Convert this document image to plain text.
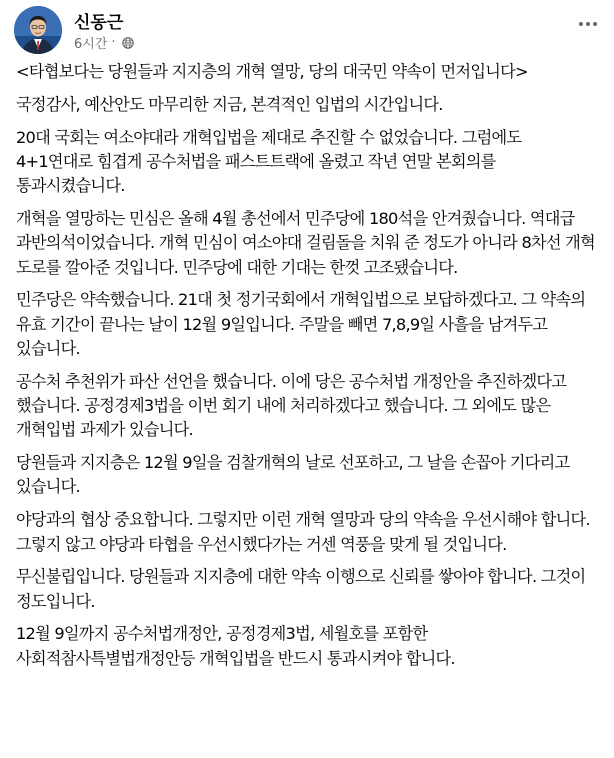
신동근
6시간 ·

<타협보다는 당원들과 지지층의 개혁 열망, 당의 대국민 약속이 먼저입니다>

국정감사, 예산안도 마무리한 지금, 본격적인 입법의 시간입니다.

20대 국회는 여소야대라 개혁입법을 제대로 추진할 수 없었습니다. 그럼에도 4+1연대로 힘겹게 공수처법을 패스트트랙에 올렸고 작년 연말 본회의를 통과시켰습니다.

개혁을 열망하는 민심은 올해 4월 총선에서 민주당에 180석을 안겨줬습니다. 역대급 과반의석이었습니다. 개혁 민심이 여소야대 걸림돌을 치워 준 정도가 아니라 8차선 개혁 도로를 깔아준 것입니다. 민주당에 대한 기대는 한껏 고조됐습니다.

민주당은 약속했습니다. 21대 첫 정기국회에서 개혁입법으로 보답하겠다고. 그 약속의 유효 기간이 끝나는 날이 12월 9일입니다. 주말을 빼면 7,8,9일 사흘을 남겨두고 있습니다.

공수처 추천위가 파산 선언을 했습니다. 이에 당은 공수처법 개정안을 추진하겠다고 했습니다. 공정경제3법을 이번 회기 내에 처리하겠다고 했습니다. 그 외에도 많은 개혁입법 과제가 있습니다.

당원들과 지지층은 12월 9일을 검찰개혁의 날로 선포하고, 그 날을 손꼽아 기다리고 있습니다.

야당과의 협상 중요합니다. 그렇지만 이런 개혁 열망과 당의 약속을 우선시해야 합니다. 그렇지 않고 야당과 타협을 우선시했다가는 거센 역풍을 맞게 될 것입니다.

무신불립입니다. 당원들과 지지층에 대한 약속 이행으로 신뢰를 쌓아야 합니다. 그것이 정도입니다.

12월 9일까지 공수처법개정안, 공정경제3법, 세월호를 포함한 사회적참사특별법개정안등 개혁입법을 반드시 통과시켜야 합니다.
